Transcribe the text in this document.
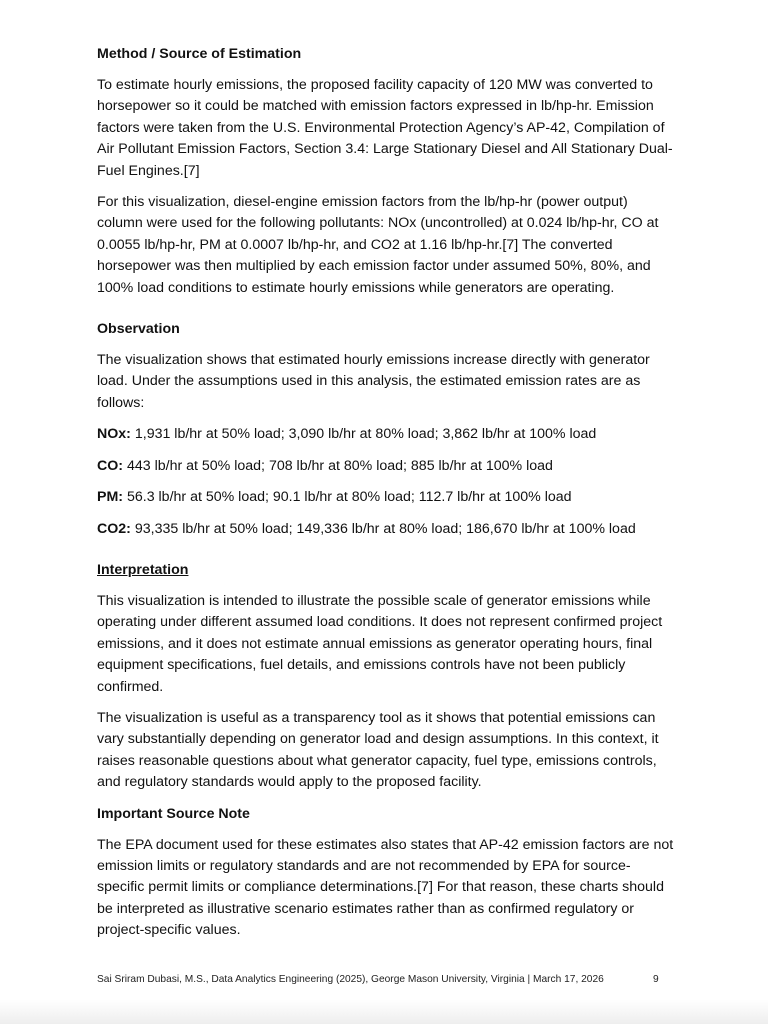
Method / Source of Estimation

To estimate hourly emissions, the proposed facility capacity of 120 MW was converted to horsepower so it could be matched with emission factors expressed in lb/hp-hr. Emission factors were taken from the U.S. Environmental Protection Agency’s AP-42, Compilation of Air Pollutant Emission Factors, Section 3.4: Large Stationary Diesel and All Stationary Dual-Fuel Engines.[7]

For this visualization, diesel-engine emission factors from the lb/hp-hr (power output) column were used for the following pollutants: NOx (uncontrolled) at 0.024 lb/hp-hr, CO at 0.0055 lb/hp-hr, PM at 0.0007 lb/hp-hr, and CO2 at 1.16 lb/hp-hr.[7] The converted horsepower was then multiplied by each emission factor under assumed 50%, 80%, and 100% load conditions to estimate hourly emissions while generators are operating.

Observation

The visualization shows that estimated hourly emissions increase directly with generator load. Under the assumptions used in this analysis, the estimated emission rates are as follows:

NOx: 1,931 lb/hr at 50% load; 3,090 lb/hr at 80% load; 3,862 lb/hr at 100% load
CO: 443 lb/hr at 50% load; 708 lb/hr at 80% load; 885 lb/hr at 100% load
PM: 56.3 lb/hr at 50% load; 90.1 lb/hr at 80% load; 112.7 lb/hr at 100% load
CO2: 93,335 lb/hr at 50% load; 149,336 lb/hr at 80% load; 186,670 lb/hr at 100% load
Interpretation

This visualization is intended to illustrate the possible scale of generator emissions while operating under different assumed load conditions. It does not represent confirmed project emissions, and it does not estimate annual emissions as generator operating hours, final equipment specifications, fuel details, and emissions controls have not been publicly confirmed.

The visualization is useful as a transparency tool as it shows that potential emissions can vary substantially depending on generator load and design assumptions. In this context, it raises reasonable questions about what generator capacity, fuel type, emissions controls, and regulatory standards would apply to the proposed facility.

Important Source Note

The EPA document used for these estimates also states that AP-42 emission factors are not emission limits or regulatory standards and are not recommended by EPA for source-specific permit limits or compliance determinations.[7] For that reason, these charts should be interpreted as illustrative scenario estimates rather than as confirmed regulatory or project-specific values.

Sai Sriram Dubasi, M.S., Data Analytics Engineering (2025), George Mason University, Virginia | March 17, 2026	9
